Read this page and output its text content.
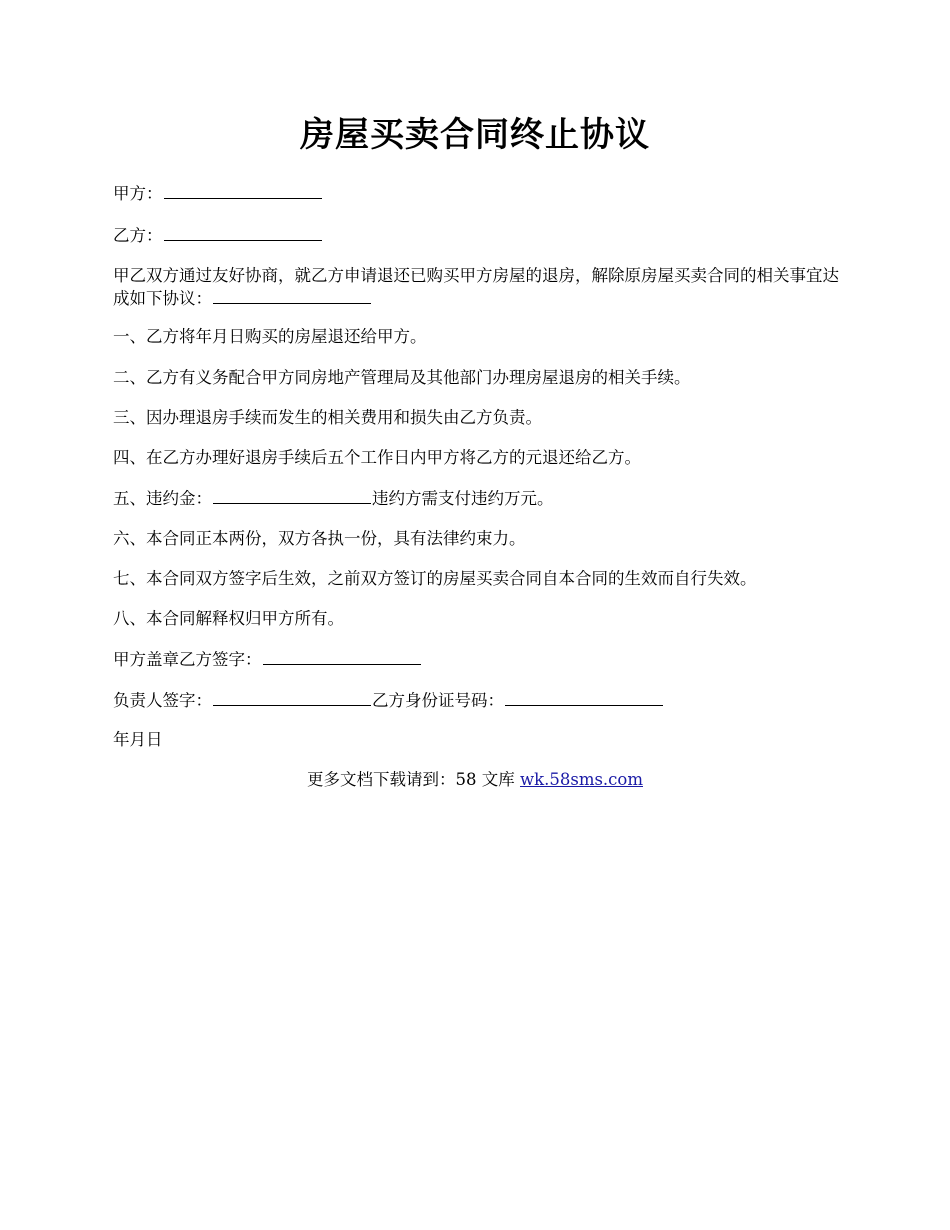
房屋买卖合同终止协议
甲方：
乙方：
甲乙双方通过友好协商，就乙方申请退还已购买甲方房屋的退房，解除原房屋买卖合同的相关事宜达成如下协议：
一、乙方将年月日购买的房屋退还给甲方。
二、乙方有义务配合甲方同房地产管理局及其他部门办理房屋退房的相关手续。
三、因办理退房手续而发生的相关费用和损失由乙方负责。
四、在乙方办理好退房手续后五个工作日内甲方将乙方的元退还给乙方。
五、违约金：	违约方需支付违约万元。
六、本合同正本两份，双方各执一份，具有法律约束力。
七、本合同双方签字后生效，之前双方签订的房屋买卖合同自本合同的生效而自行失效。
八、本合同解释权归甲方所有。
甲方盖章乙方签字：
负责人签字：	乙方身份证号码：
年月日
更多文档下载请到：58 文库 wk.58sms.com
